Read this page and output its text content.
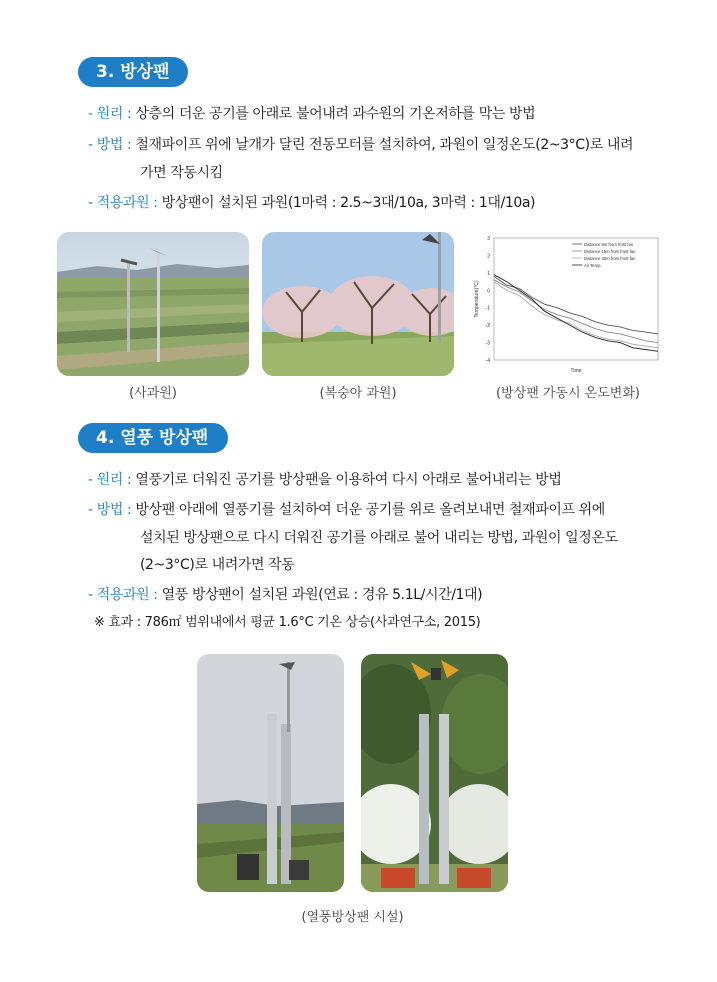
3. 방상팬
- 원리 : 상층의 더운 공기를 아래로 불어내려 과수원의 기온저하를 막는 방법
- 방법 : 철재파이프 위에 날개가 달린 전동모터를 설치하여, 과원이 일정온도(2~3°C)로 내려
가면 작동시킴
- 적용과원 : 방상팬이 설치된 과원(1마력 : 2.5~3대/10a, 3마력 : 1대/10a)
3
2
1
0
-1
-2
-3
-4
Temperature(°C)
Time
Distance 5m from frost fan
Distance 15m from frost fan
Distance 30m from frost fan
Air Temp.
(사과원)	(복숭아 과원)	(방상팬 가동시 온도변화)
4. 열풍 방상팬
- 원리 : 열풍기로 더워진 공기를 방상팬을 이용하여 다시 아래로 불어내리는 방법
- 방법 : 방상팬 아래에 열풍기를 설치하여 더운 공기를 위로 올려보내면 철재파이프 위에
설치된 방상팬으로 다시 더워진 공기를 아래로 불어 내리는 방법, 과원이 일정온도
(2~3°C)로 내려가면 작동
- 적용과원 : 열풍 방상팬이 설치된 과원(연료 : 경유 5.1L/시간/1대)
※ 효과 : 786㎡ 범위내에서 평균 1.6°C 기온 상승(사과연구소, 2015)
(열풍방상팬 시설)
